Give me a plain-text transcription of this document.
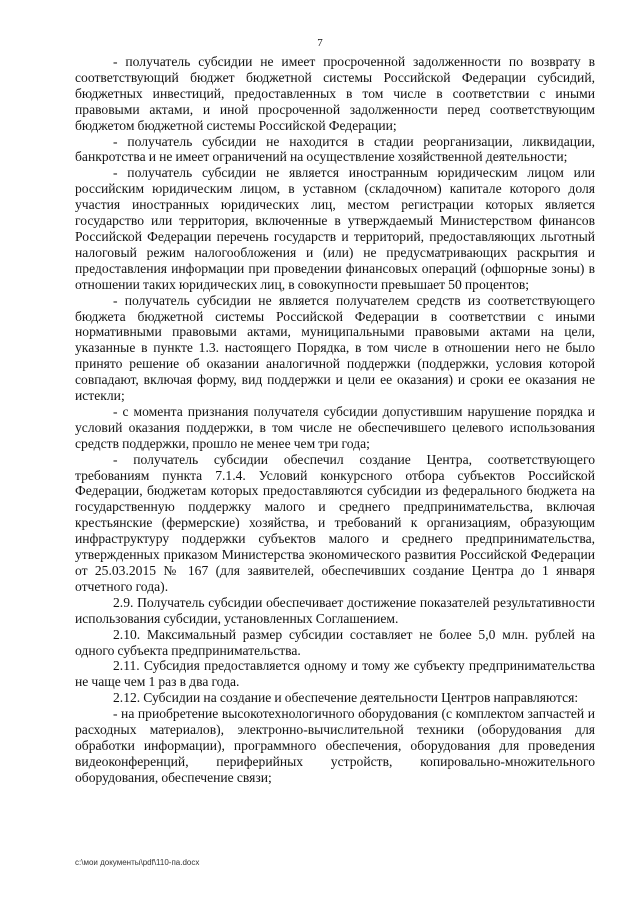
7

- получатель субсидии не имеет просроченной задолженности по возврату в соответствующий бюджет бюджетной системы Российской Федерации субсидий, бюджетных инвестиций, предоставленных в том числе в соответствии с иными правовыми актами, и иной просроченной задолженности перед соответствующим бюджетом бюджетной системы Российской Федерации;

- получатель субсидии не находится в стадии реорганизации, ликвидации, банкротства и не имеет ограничений на осуществление хозяйственной деятельности;

- получатель субсидии не является иностранным юридическим лицом или российским юридическим лицом, в уставном (складочном) капитале которого доля участия иностранных юридических лиц, местом регистрации которых является государство или территория, включенные в утверждаемый Министерством финансов Российской Федерации перечень государств и территорий, предоставляющих льготный налоговый режим налогообложения и (или) не предусматривающих раскрытия и предоставления информации при проведении финансовых операций (офшорные зоны) в отношении таких юридических лиц, в совокупности превышает 50 процентов;

- получатель субсидии не является получателем средств из соответствующего бюджета бюджетной системы Российской Федерации в соответствии с иными нормативными правовыми актами, муниципальными правовыми актами на цели, указанные в пункте 1.3. настоящего Порядка, в том числе в отношении него не было принято решение об оказании аналогичной поддержки (поддержки, условия которой совпадают, включая форму, вид поддержки и цели ее оказания) и сроки ее оказания не истекли;

- с момента признания получателя субсидии допустившим нарушение порядка и условий оказания поддержки, в том числе не обеспечившего целевого использования средств поддержки, прошло не менее чем три года;

- получатель субсидии обеспечил создание Центра, соответствующего требованиям пункта 7.1.4. Условий конкурсного отбора субъектов Российской Федерации, бюджетам которых предоставляются субсидии из федерального бюджета на государственную поддержку малого и среднего предпринимательства, включая крестьянские (фермерские) хозяйства, и требований к организациям, образующим инфраструктуру поддержки субъектов малого и среднего предпринимательства, утвержденных приказом Министерства экономического развития Российской Федерации от 25.03.2015 № 167 (для заявителей, обеспечивших создание Центра до 1 января отчетного года).

2.9. Получатель субсидии обеспечивает достижение показателей результативности использования субсидии, установленных Соглашением.

2.10. Максимальный размер субсидии составляет не более 5,0 млн. рублей на одного субъекта предпринимательства.

2.11. Субсидия предоставляется одному и тому же субъекту предпринимательства не чаще чем 1 раз в два года.

2.12. Субсидии на создание и обеспечение деятельности Центров направляются:

- на приобретение высокотехнологичного оборудования (с комплектом запчастей и расходных материалов), электронно-вычислительной техники (оборудования для обработки информации), программного обеспечения, оборудования для проведения видеоконференций, периферийных устройств, копировально-множительного оборудования, обеспечение связи;

c:\мои документы\pdf\110-па.docx
